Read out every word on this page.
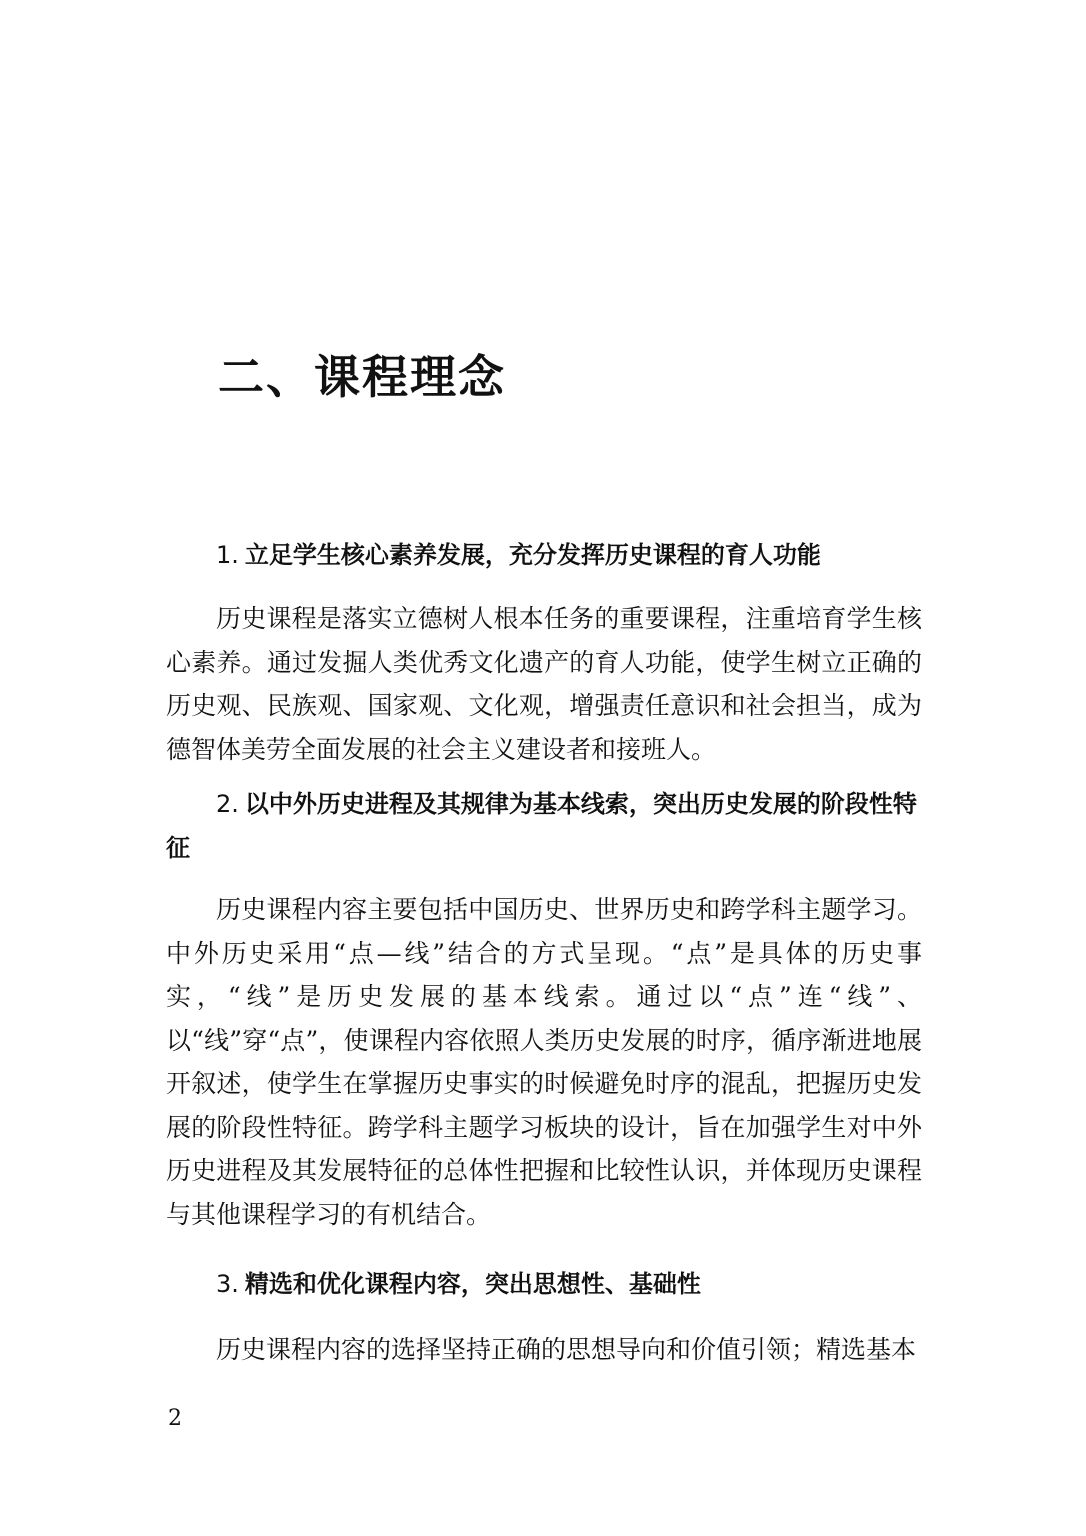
二、课程理念
1. 立足学生核心素养发展，充分发挥历史课程的育人功能

历史课程是落实立德树人根本任务的重要课程，注重培育学生核心素养。通过发掘人类优秀文化遗产的育人功能，使学生树立正确的历史观、民族观、国家观、文化观，增强责任意识和社会担当，成为德智体美劳全面发展的社会主义建设者和接班人。

2. 以中外历史进程及其规律为基本线索，突出历史发展的阶段性特征

历史课程内容主要包括中国历史、世界历史和跨学科主题学习。中外历史采用“点—线”结合的方式呈现。“点”是具体的历史事实，“线”是历史发展的基本线索。通过以“点”连“线”、以“线”穿“点”，使课程内容依照人类历史发展的时序，循序渐进地展开叙述，使学生在掌握历史事实的时候避免时序的混乱，把握历史发展的阶段性特征。跨学科主题学习板块的设计，旨在加强学生对中外历史进程及其发展特征的总体性把握和比较性认识，并体现历史课程与其他课程学习的有机结合。

3. 精选和优化课程内容，突出思想性、基础性

历史课程内容的选择坚持正确的思想导向和价值引领；精选基本

2
